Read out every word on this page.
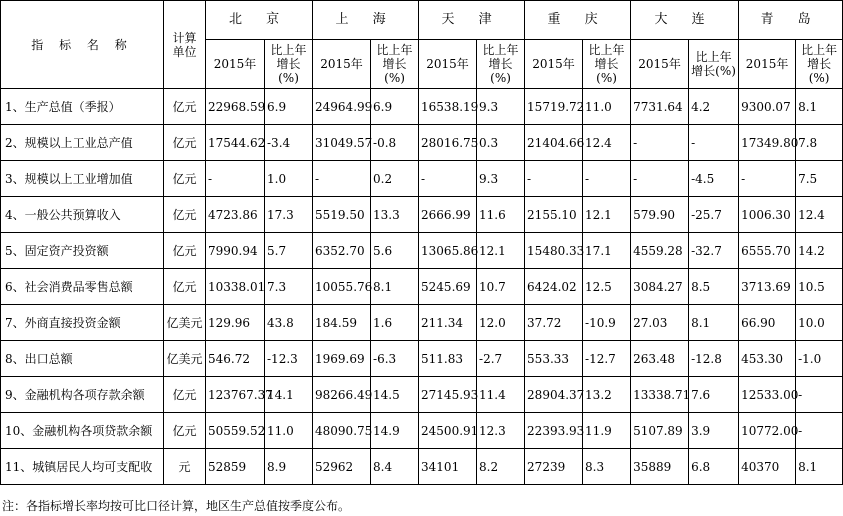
指 标 名 称	计算
单位	北 京		上 海		天 津		重 庆		大 连		青 岛	
		2015年	比上年增长(%)	2015年	比上年增长(%)	2015年	比上年增长(%)	2015年	比上年增长(%)	2015年	比上年增长(%)	2015年	比上年增长(%)
1、生产总值（季报）	亿元	22968.59	6.9	24964.99	6.9	16538.19	9.3	15719.72	11.0	7731.64	4.2	9300.07	8.1
2、规模以上工业总产值	亿元	17544.62	-3.4	31049.57	-0.8	28016.75	0.3	21404.66	12.4	-	-	17349.80	7.8
3、规模以上工业增加值	亿元	-	1.0	-	0.2	-	9.3	-	-	-	-4.5	-	7.5
4、一般公共预算收入	亿元	4723.86	17.3	5519.50	13.3	2666.99	11.6	2155.10	12.1	579.90	-25.7	1006.30	12.4
5、固定资产投资额	亿元	7990.94	5.7	6352.70	5.6	13065.86	12.1	15480.33	17.1	4559.28	-32.7	6555.70	14.2
6、社会消费品零售总额	亿元	10338.01	7.3	10055.76	8.1	5245.69	10.7	6424.02	12.5	3084.27	8.5	3713.69	10.5
7、外商直接投资金额	亿美元	129.96	43.8	184.59	1.6	211.34	12.0	37.72	-10.9	27.03	8.1	66.90	10.0
8、出口总额	亿美元	546.72	-12.3	1969.69	-6.3	511.83	-2.7	553.33	-12.7	263.48	-12.8	453.30	-1.0
9、金融机构各项存款余额	亿元	123767.37	14.1	98266.49	14.5	27145.93	11.4	28904.37	13.2	13338.71	7.6	12533.00	-
10、金融机构各项贷款余额	亿元	50559.52	11.0	48090.75	14.9	24500.91	12.3	22393.93	11.9	5107.89	3.9	10772.00	-
11、城镇居民人均可支配收	元	52859	8.9	52962	8.4	34101	8.2	27239	8.3	35889	6.8	40370	8.1
注：各指标增长率均按可比口径计算，地区生产总值按季度公布。
